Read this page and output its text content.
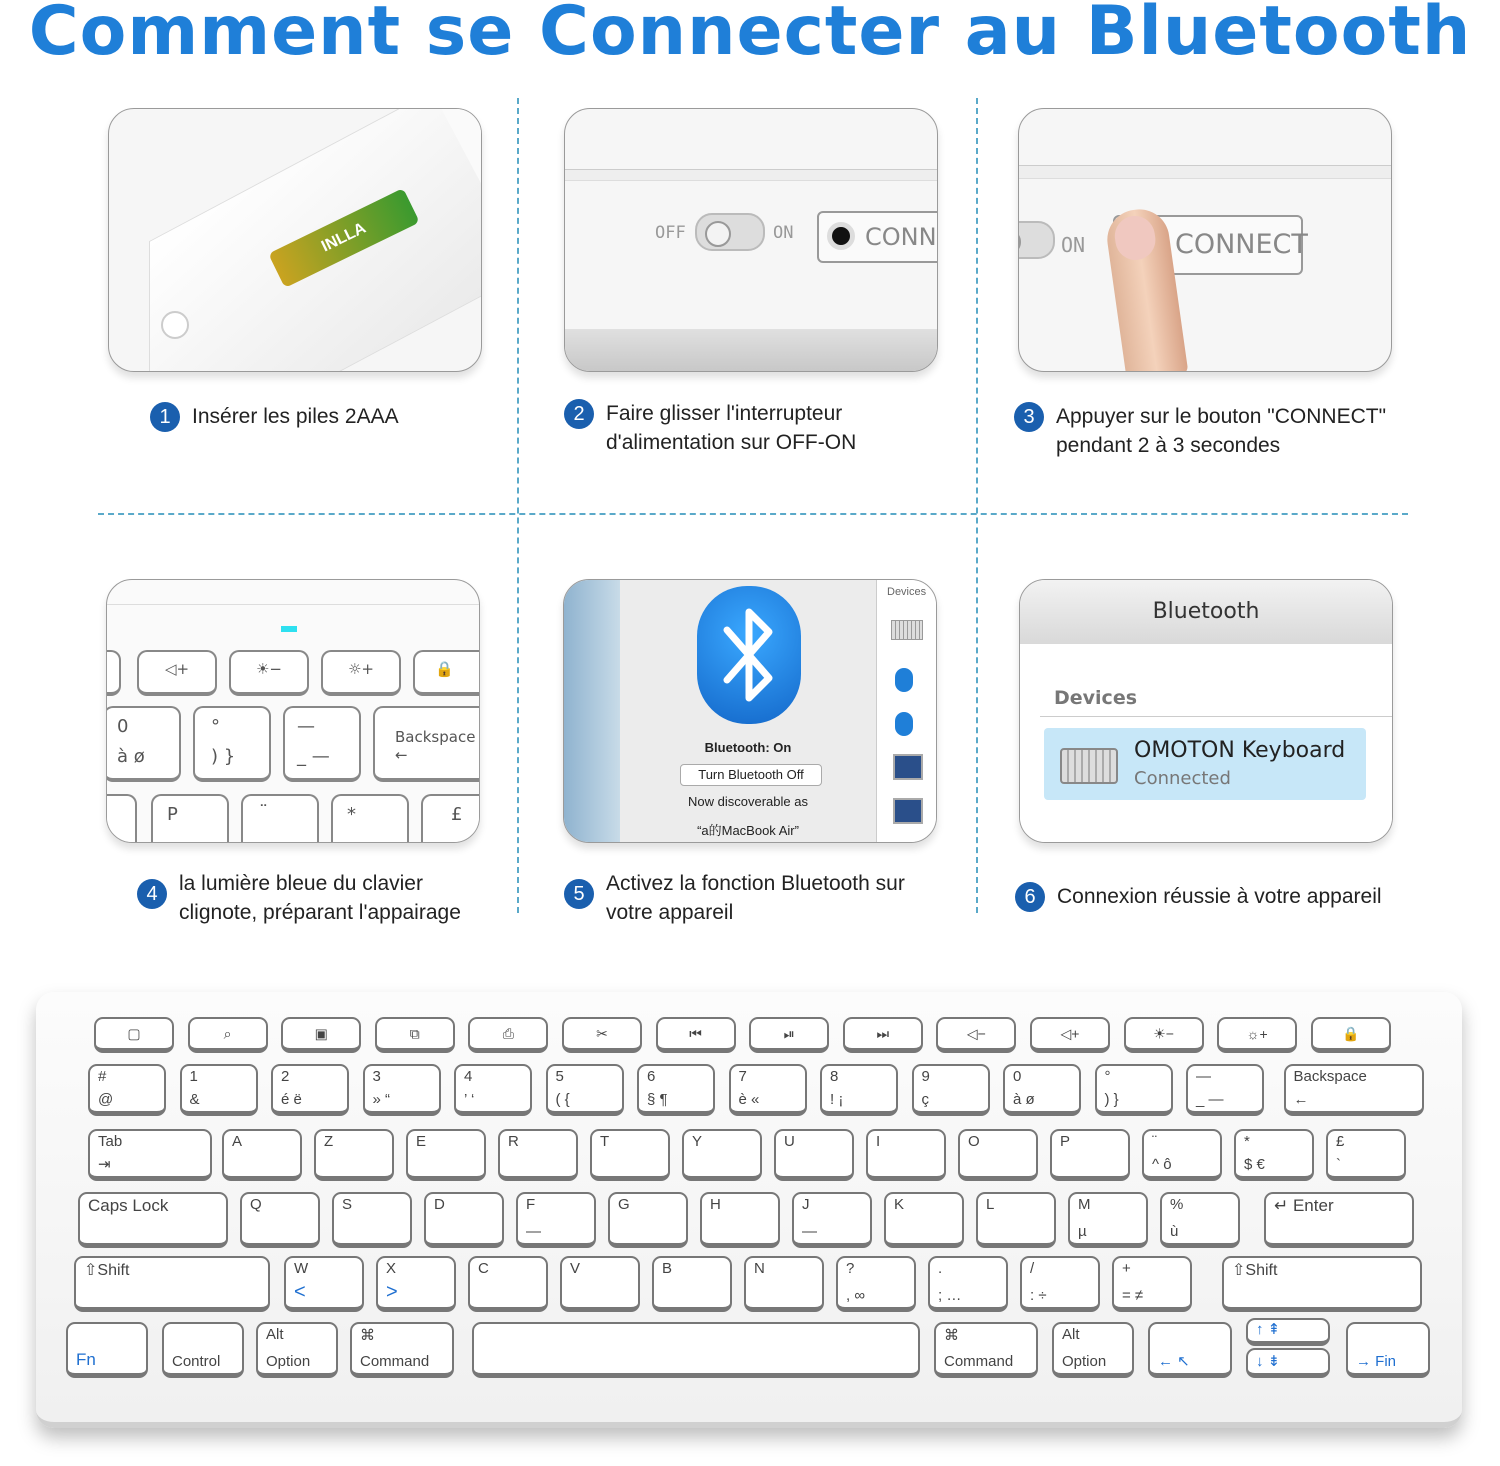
Comment se Connecter au Bluetooth
INLLA
1	Insérer les piles 2AAA
OFF	ON	CONN
2	Faire glisser l'interrupteur
d'alimentation sur OFF-ON
ON	CONNECT
3	Appuyer sur le bouton "CONNECT"
pendant 2 à 3 secondes
◁+	☀−	☼+	🔒
0
à ø
°
) }
—
_ —
Backspace
←
P	¨	*	£
4	la lumière bleue du clavier
clignote, préparant l'appairage
Bluetooth: On
Turn Bluetooth Off
Now discoverable as
“a的MacBook Air”
Devices
5	Activez la fonction Bluetooth sur
votre appareil
Bluetooth
Devices
OMOTON Keyboard
Connected
6	Connexion réussie à votre appareil
▢	⌕	▣	⧉	⎙	✂	⏮	⏯	⏭	◁−	◁+	☀−	☼+	🔒
#
@
1
&
2
é ë
3
» “
4
’ ‘
5
( {
6
§ ¶
7
è «
8
! ¡
9
ç
0
à ø
°
) }
—
_ —
Backspace
←
Tab
⇥
A	Z	E	R	T	Y	U	I	O	P	¨
^ ô
*
$ €
£
`
Caps Lock	Q	S	D	F
—
G	H	J
—
K	L	M
µ
%
ù
↵ Enter
⇧Shift	W
<
X
>
C	V	B	N	?
, ∞
.
; …
/
: ÷
+
= ≠
⇧Shift
Fn	Control
Alt
Option
⌘
Command
⌘
Command
Alt
Option	← ↖
↑ ⇞
↓ ⇟	→ Fin
